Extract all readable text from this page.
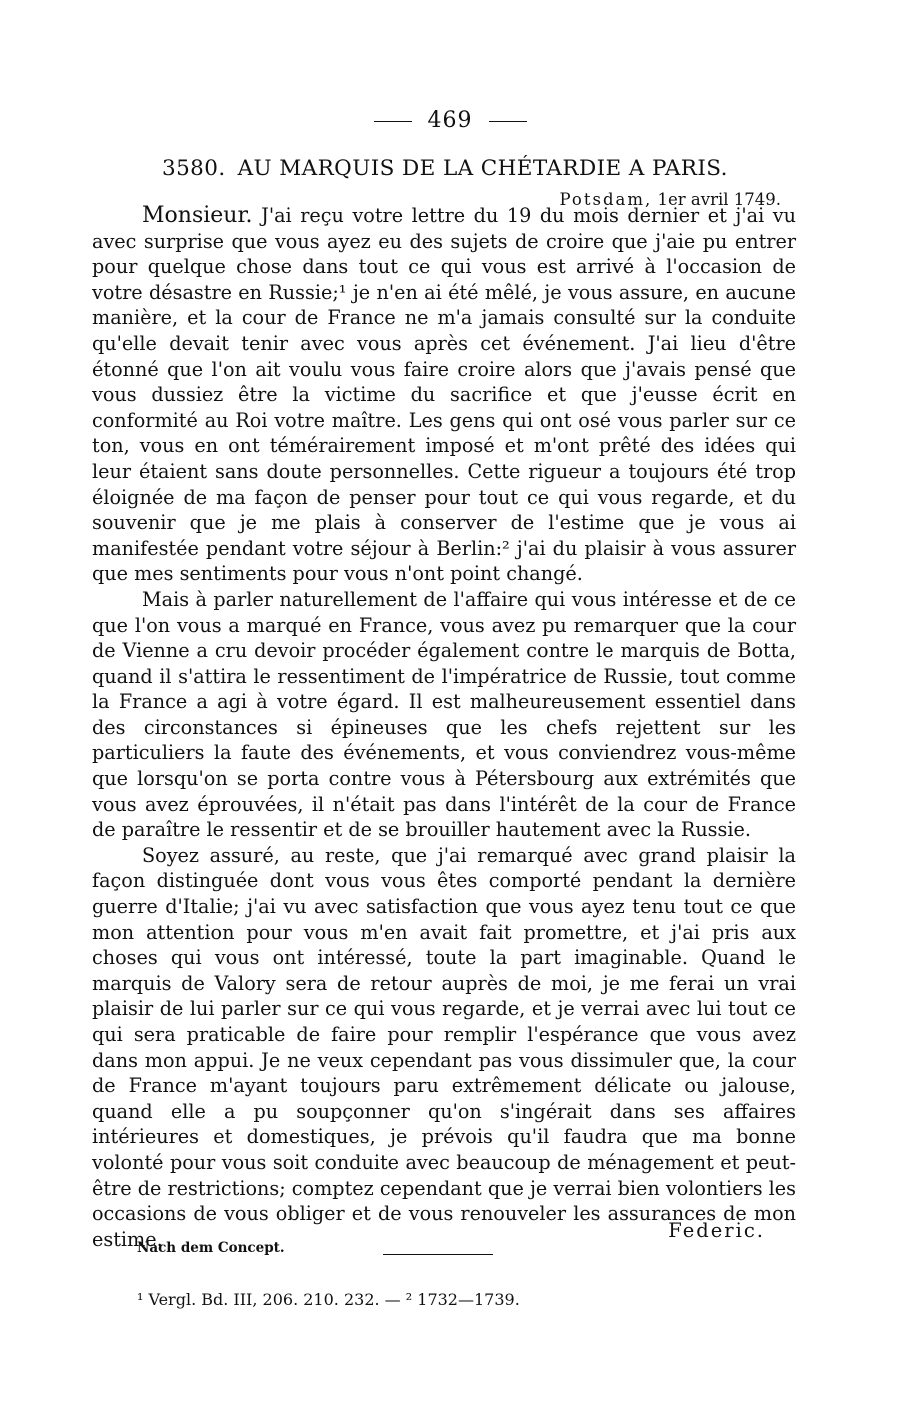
469
3580. AU MARQUIS DE LA CHÉTARDIE A PARIS.
Potsdam, 1er avril 1749.

Monsieur. J'ai reçu votre lettre du 19 du mois dernier et j'ai vu avec surprise que vous ayez eu des sujets de croire que j'aie pu entrer pour quelque chose dans tout ce qui vous est arrivé à l'occasion de votre désastre en Russie;¹ je n'en ai été mêlé, je vous assure, en aucune manière, et la cour de France ne m'a jamais consulté sur la conduite qu'elle devait tenir avec vous après cet événement. J'ai lieu d'être étonné que l'on ait voulu vous faire croire alors que j'avais pensé que vous dussiez être la victime du sacrifice et que j'eusse écrit en conformité au Roi votre maître. Les gens qui ont osé vous parler sur ce ton, vous en ont témérairement imposé et m'ont prêté des idées qui leur étaient sans doute personnelles. Cette rigueur a toujours été trop éloignée de ma façon de penser pour tout ce qui vous regarde, et du souvenir que je me plais à conserver de l'estime que je vous ai manifestée pendant votre séjour à Berlin:² j'ai du plaisir à vous assurer que mes sentiments pour vous n'ont point changé.

Mais à parler naturellement de l'affaire qui vous intéresse et de ce que l'on vous a marqué en France, vous avez pu remarquer que la cour de Vienne a cru devoir procéder également contre le marquis de Botta, quand il s'attira le ressentiment de l'impératrice de Russie, tout comme la France a agi à votre égard. Il est malheureusement essentiel dans des circonstances si épineuses que les chefs rejettent sur les particuliers la faute des événements, et vous conviendrez vous-même que lorsqu'on se porta contre vous à Pétersbourg aux extrémités que vous avez éprouvées, il n'était pas dans l'intérêt de la cour de France de paraître le ressentir et de se brouiller hautement avec la Russie.

Soyez assuré, au reste, que j'ai remarqué avec grand plaisir la façon distinguée dont vous vous êtes comporté pendant la dernière guerre d'Italie; j'ai vu avec satisfaction que vous ayez tenu tout ce que mon attention pour vous m'en avait fait promettre, et j'ai pris aux choses qui vous ont intéressé, toute la part imaginable. Quand le marquis de Valory sera de retour auprès de moi, je me ferai un vrai plaisir de lui parler sur ce qui vous regarde, et je verrai avec lui tout ce qui sera praticable de faire pour remplir l'espérance que vous avez dans mon appui. Je ne veux cependant pas vous dissimuler que, la cour de France m'ayant toujours paru extrêmement délicate ou jalouse, quand elle a pu soupçonner qu'on s'ingérait dans ses affaires intérieures et domestiques, je prévois qu'il faudra que ma bonne volonté pour vous soit conduite avec beaucoup de ménagement et peut-être de restrictions; comptez cependant que je verrai bien volontiers les occasions de vous obliger et de vous renouveler les assurances de mon estime.	Federic.
Nach dem Concept.
¹ Vergl. Bd. III, 206. 210. 232. — ² 1732—1739.
